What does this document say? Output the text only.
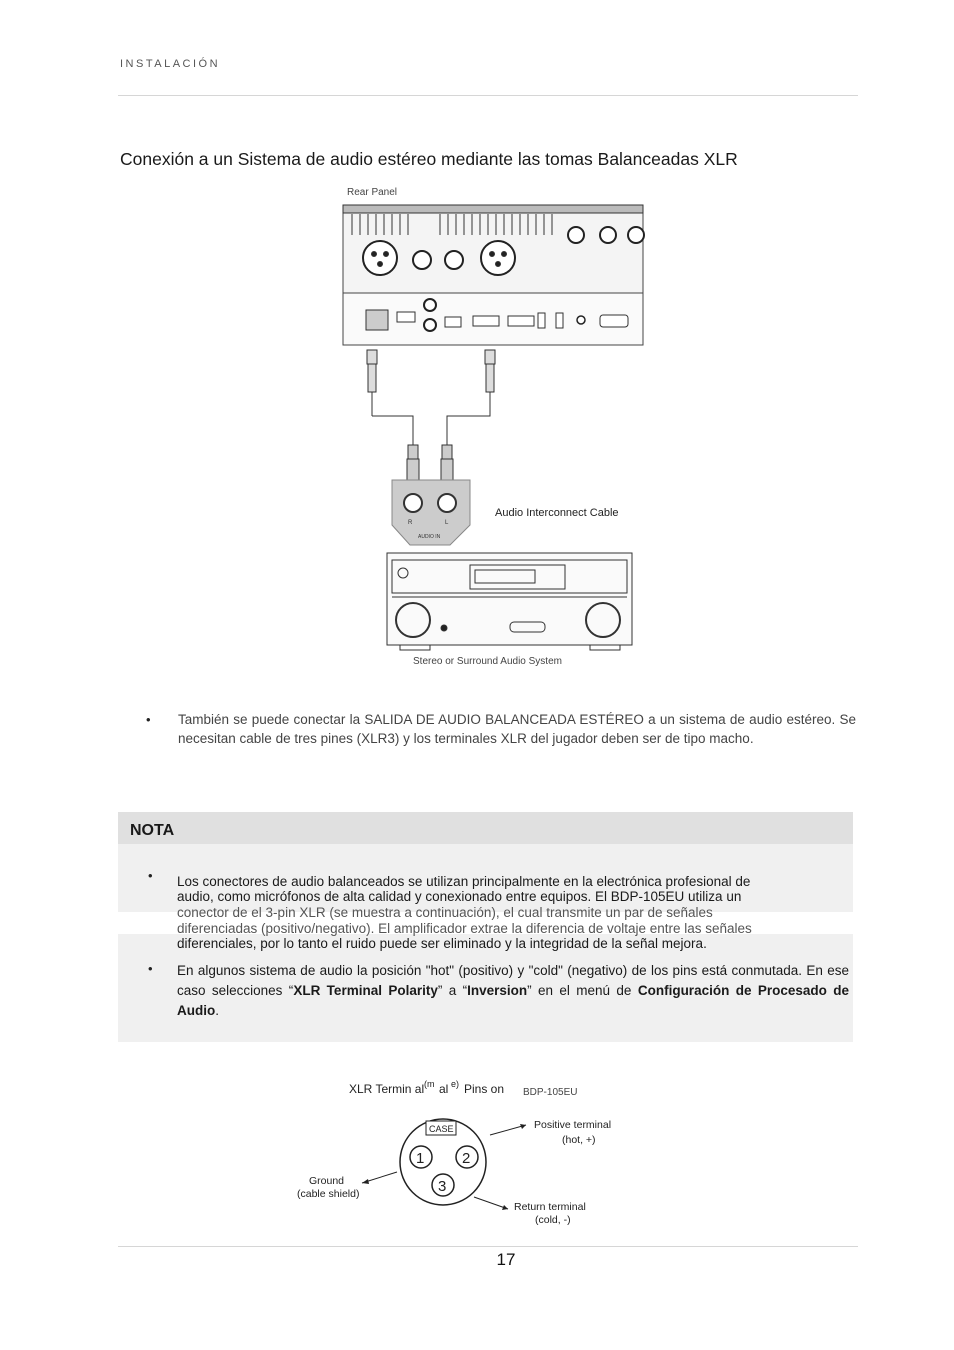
INSTALACIÓN
Conexión a un Sistema de audio estéreo mediante las tomas Balanceadas XLR
Rear Panel
R	L
AUDIO IN
Audio Interconnect Cable
Stereo or Surround Audio System
• También se puede conectar la SALIDA DE AUDIO BALANCEADA ESTÉREO a un sistema de audio estéreo. Se necesitan cable de tres pines (XLR3) y los terminales XLR del jugador deben ser de tipo macho.
NOTA
• Los conectores de audio balanceados se utilizan principalmente en la electrónica profesional de
audio, como micrófonos de alta calidad y conexionado entre equipos. El BDP-105EU utiliza un
conector de el 3-pin XLR (se muestra a continuación), el cual transmite un par de señales
diferenciadas (positivo/negativo). El amplificador extrae la diferencia de voltaje entre las señales
diferenciales, por lo tanto el ruido puede ser eliminado y la integridad de la señal mejora.
• En algunos sistema de audio la posición "hot" (positivo) y "cold" (negativo) de los pins está conmutada. En ese caso selecciones “XLR Terminal Polarity” a “Inversion” en el menú de Configuración de Procesado de Audio.
XLR Termin al (m al e) Pins on BDP-105EU
CASE
1	2
3
Positive terminal
(hot, +)
Ground
(cable shield)
Return terminal
(cold, -)
17
